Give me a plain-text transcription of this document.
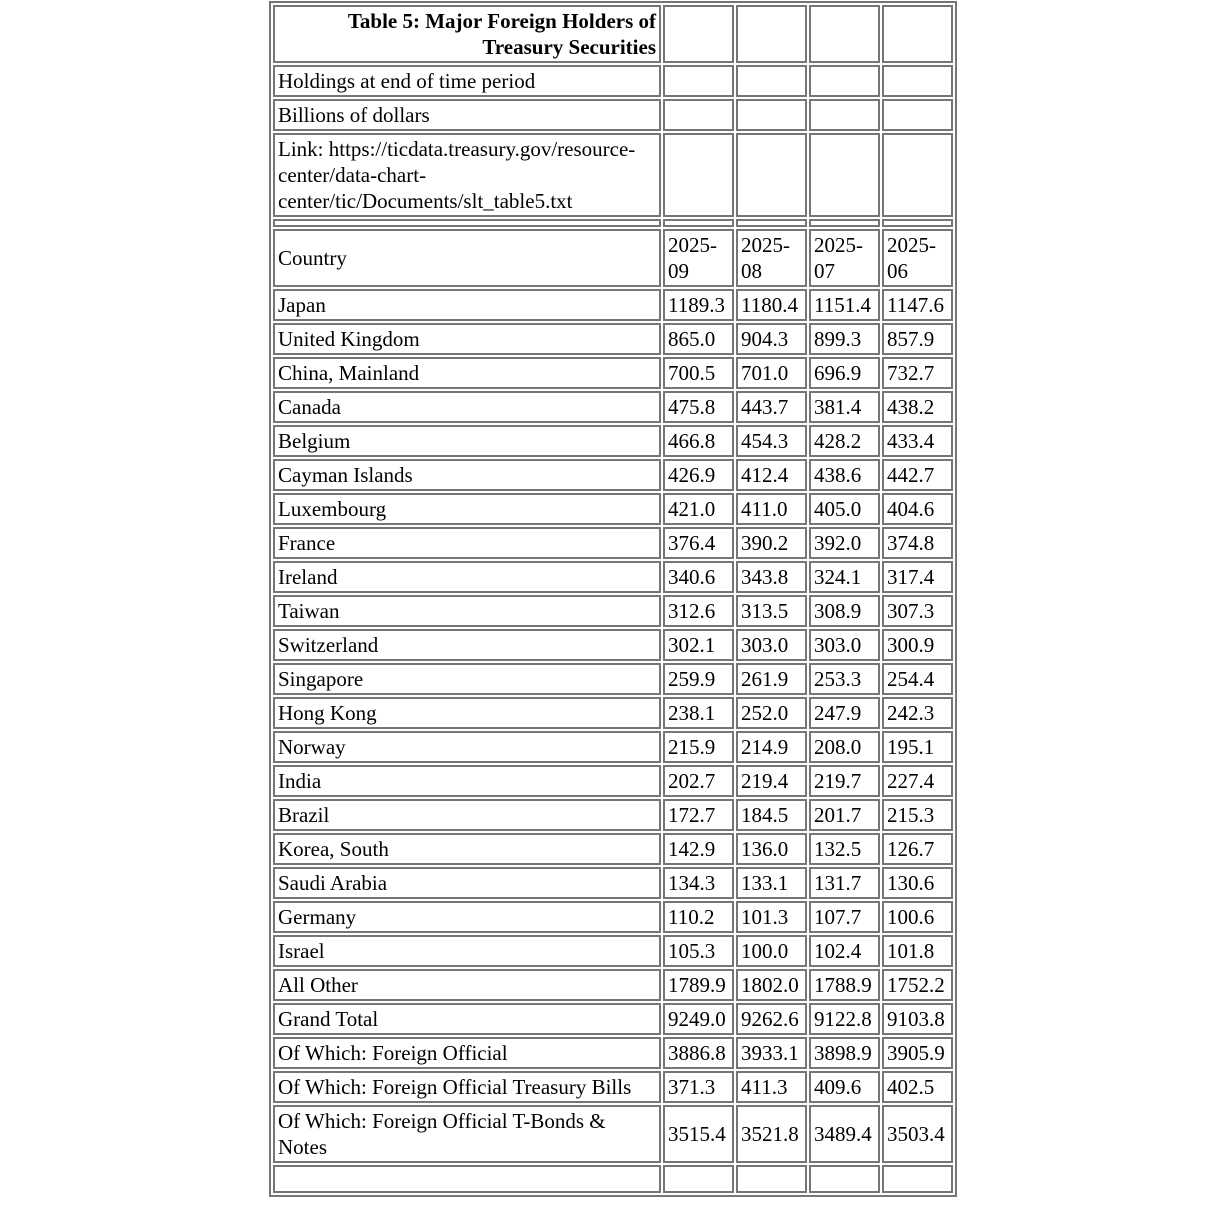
Table 5: Major Foreign Holders of Treasury Securities				
Holdings at end of time period				
Billions of dollars				
Link: https://ticdata.treasury.gov/resource-center/data-chart-center/tic/Documents/slt_table5.txt				

Country	2025-09	2025-08	2025-07	2025-06
Japan	1189.3	1180.4	1151.4	1147.6
United Kingdom	865.0	904.3	899.3	857.9
China, Mainland	700.5	701.0	696.9	732.7
Canada	475.8	443.7	381.4	438.2
Belgium	466.8	454.3	428.2	433.4
Cayman Islands	426.9	412.4	438.6	442.7
Luxembourg	421.0	411.0	405.0	404.6
France	376.4	390.2	392.0	374.8
Ireland	340.6	343.8	324.1	317.4
Taiwan	312.6	313.5	308.9	307.3
Switzerland	302.1	303.0	303.0	300.9
Singapore	259.9	261.9	253.3	254.4
Hong Kong	238.1	252.0	247.9	242.3
Norway	215.9	214.9	208.0	195.1
India	202.7	219.4	219.7	227.4
Brazil	172.7	184.5	201.7	215.3
Korea, South	142.9	136.0	132.5	126.7
Saudi Arabia	134.3	133.1	131.7	130.6
Germany	110.2	101.3	107.7	100.6
Israel	105.3	100.0	102.4	101.8
All Other	1789.9	1802.0	1788.9	1752.2
Grand Total	9249.0	9262.6	9122.8	9103.8
Of Which: Foreign Official	3886.8	3933.1	3898.9	3905.9
Of Which: Foreign Official Treasury Bills	371.3	411.3	409.6	402.5
Of Which: Foreign Official T-Bonds & Notes	3515.4	3521.8	3489.4	3503.4
